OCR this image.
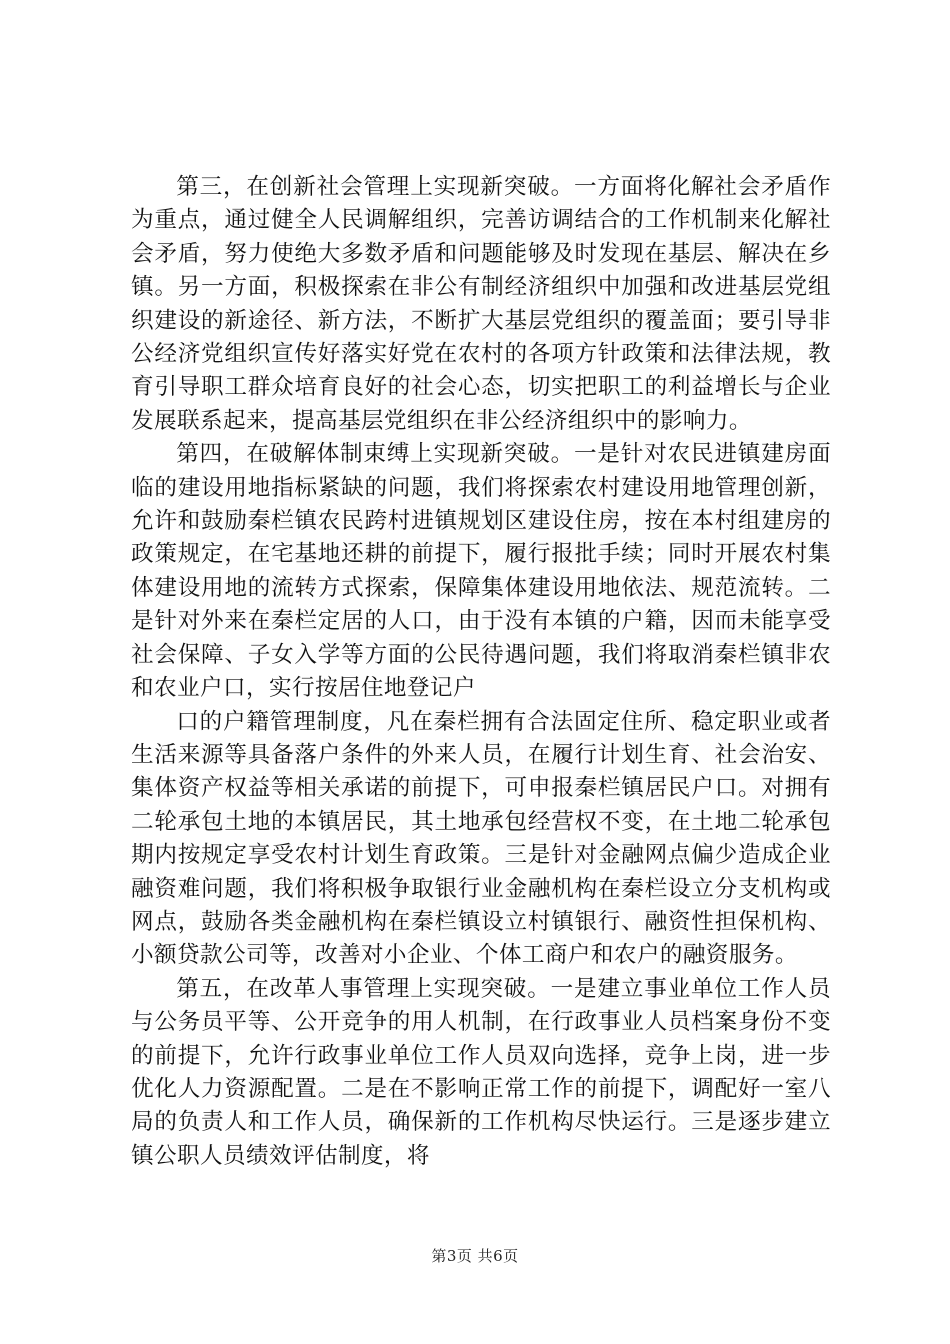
第三，在创新社会管理上实现新突破。一方面将化解社会矛盾作为重点，通过健全人民调解组织，完善访调结合的工作机制来化解社会矛盾，努力使绝大多数矛盾和问题能够及时发现在基层、解决在乡镇。另一方面，积极探索在非公有制经济组织中加强和改进基层党组织建设的新途径、新方法，不断扩大基层党组织的覆盖面；要引导非公经济党组织宣传好落实好党在农村的各项方针政策和法律法规，教育引导职工群众培育良好的社会心态，切实把职工的利益增长与企业发展联系起来，提高基层党组织在非公经济组织中的影响力。

第四，在破解体制束缚上实现新突破。一是针对农民进镇建房面临的建设用地指标紧缺的问题，我们将探索农村建设用地管理创新，允许和鼓励秦栏镇农民跨村进镇规划区建设住房，按在本村组建房的政策规定，在宅基地还耕的前提下，履行报批手续；同时开展农村集体建设用地的流转方式探索，保障集体建设用地依法、规范流转。二是针对外来在秦栏定居的人口，由于没有本镇的户籍，因而未能享受社会保障、子女入学等方面的公民待遇问题，我们将取消秦栏镇非农和农业户口，实行按居住地登记户

口的户籍管理制度，凡在秦栏拥有合法固定住所、稳定职业或者生活来源等具备落户条件的外来人员，在履行计划生育、社会治安、集体资产权益等相关承诺的前提下，可申报秦栏镇居民户口。对拥有二轮承包土地的本镇居民，其土地承包经营权不变，在土地二轮承包期内按规定享受农村计划生育政策。三是针对金融网点偏少造成企业融资难问题，我们将积极争取银行业金融机构在秦栏设立分支机构或网点，鼓励各类金融机构在秦栏镇设立村镇银行、融资性担保机构、小额贷款公司等，改善对小企业、个体工商户和农户的融资服务。

第五，在改革人事管理上实现突破。一是建立事业单位工作人员与公务员平等、公开竞争的用人机制，在行政事业人员档案身份不变的前提下，允许行政事业单位工作人员双向选择，竞争上岗，进一步优化人力资源配置。二是在不影响正常工作的前提下，调配好一室八局的负责人和工作人员，确保新的工作机构尽快运行。三是逐步建立镇公职人员绩效评估制度，将

第3页 共6页
